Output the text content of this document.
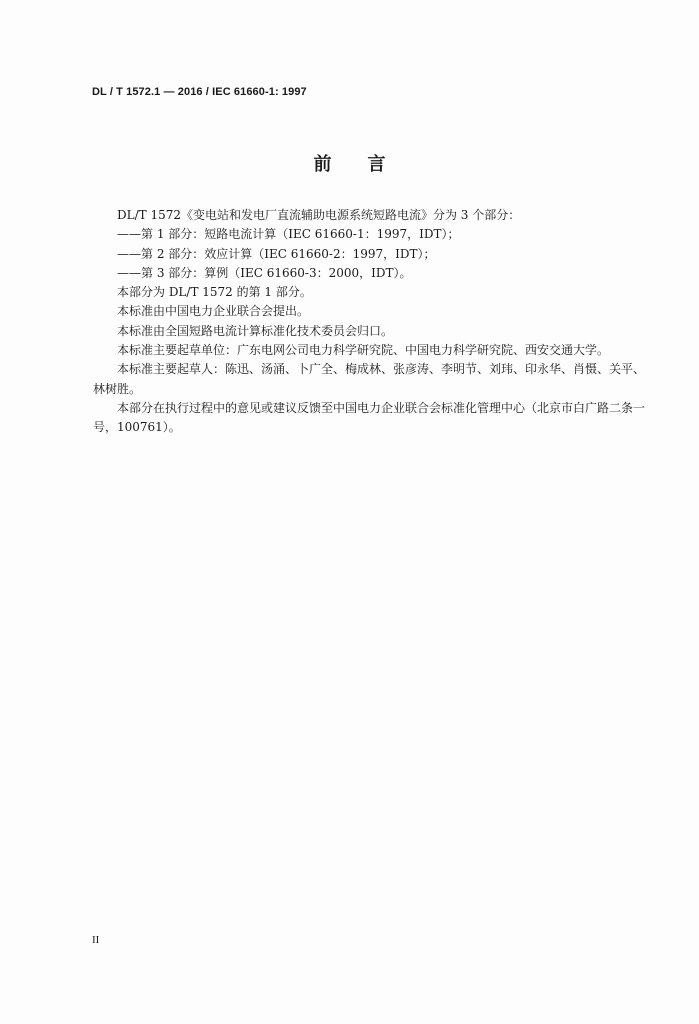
DL / T 1572.1 — 2016 / IEC 61660-1: 1997
前言

DL/T 1572《变电站和发电厂直流辅助电源系统短路电流》分为 3 个部分：

——第 1 部分：短路电流计算（IEC 61660-1：1997，IDT）；

——第 2 部分：效应计算（IEC 61660-2：1997，IDT）；

——第 3 部分：算例（IEC 61660-3：2000，IDT）。

本部分为 DL/T 1572 的第 1 部分。

本标准由中国电力企业联合会提出。

本标准由全国短路电流计算标准化技术委员会归口。

本标准主要起草单位：广东电网公司电力科学研究院、中国电力科学研究院、西安交通大学。

本标准主要起草人：陈迅、汤涌、卜广全、梅成林、张彦涛、李明节、刘玮、印永华、肖慑、关平、林树胜。

本部分在执行过程中的意见或建议反馈至中国电力企业联合会标准化管理中心（北京市白广路二条一号，100761）。

II
